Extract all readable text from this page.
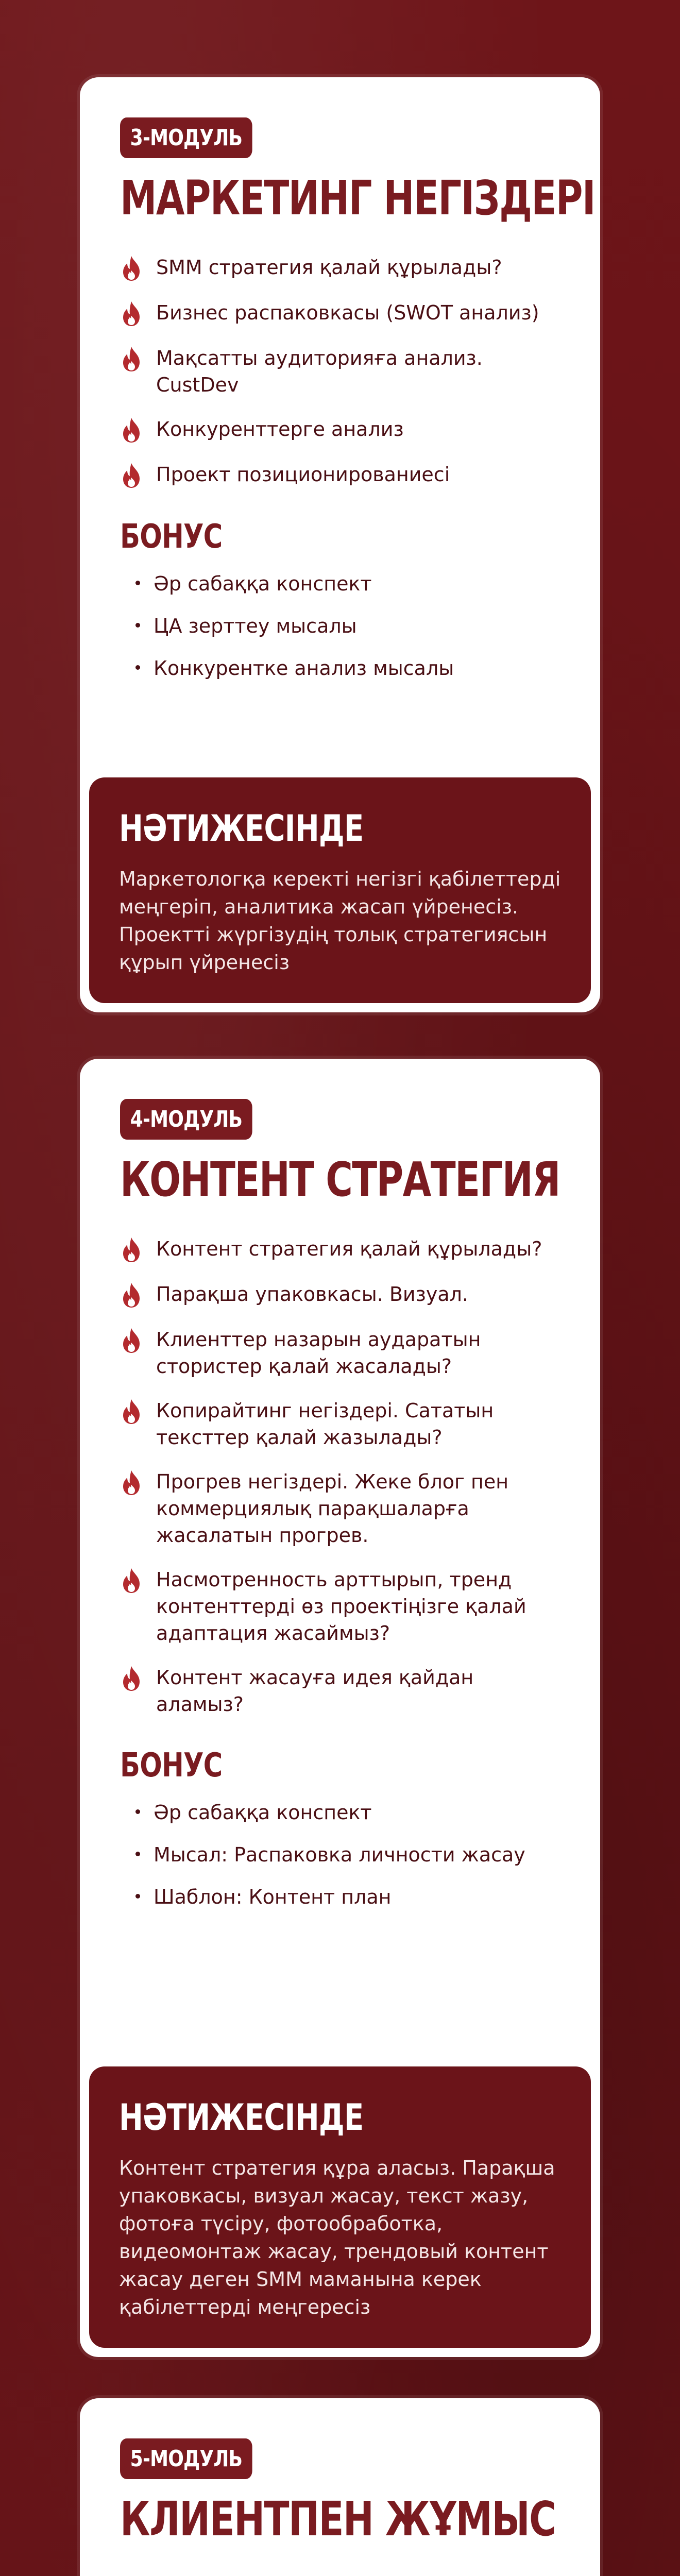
3-МОДУЛЬ
МАРКЕТИНГ НЕГІЗДЕРІ
SMM стратегия қалай құрылады?
Бизнес распаковкасы (SWOT анализ)
Мақсатты аудиторияға анализ. CustDev
Конкуренттерге анализ
Проект позиционированиесі
БОНУС
Әр сабаққа конспект
ЦА зерттеу мысалы
Конкурентке анализ мысалы
НӘТИЖЕСІНДЕ
Маркетологқа керекті негізгі қабілеттерді меңгеріп, аналитика жасап үйренесіз. Проектті жүргізудің толық стратегиясын құрып үйренесіз
4-МОДУЛЬ
КОНТЕНТ СТРАТЕГИЯ
Контент стратегия қалай құрылады?
Парақша упаковкасы. Визуал.
Клиенттер назарын аударатын стористер қалай жасалады?
Копирайтинг негіздері. Сататын тексттер қалай жазылады?
Прогрев негіздері. Жеке блог пен коммерциялық парақшаларға жасалатын прогрев.
Насмотренность арттырып, тренд контенттерді өз проектіңізге қалай адаптация жасаймыз?
Контент жасауға идея қайдан аламыз?
БОНУС
Әр сабаққа конспект
Мысал: Распаковка личности жасау
Шаблон: Контент план
НӘТИЖЕСІНДЕ
Контент стратегия құра аласыз. Парақша упаковкасы, визуал жасау, текст жазу, фотоға түсіру, фотообработка, видеомонтаж жасау, трендовый контент жасау деген SMM маманына керек қабілеттерді меңгересіз
5-МОДУЛЬ
КЛИЕНТПЕН ЖҰМЫС
